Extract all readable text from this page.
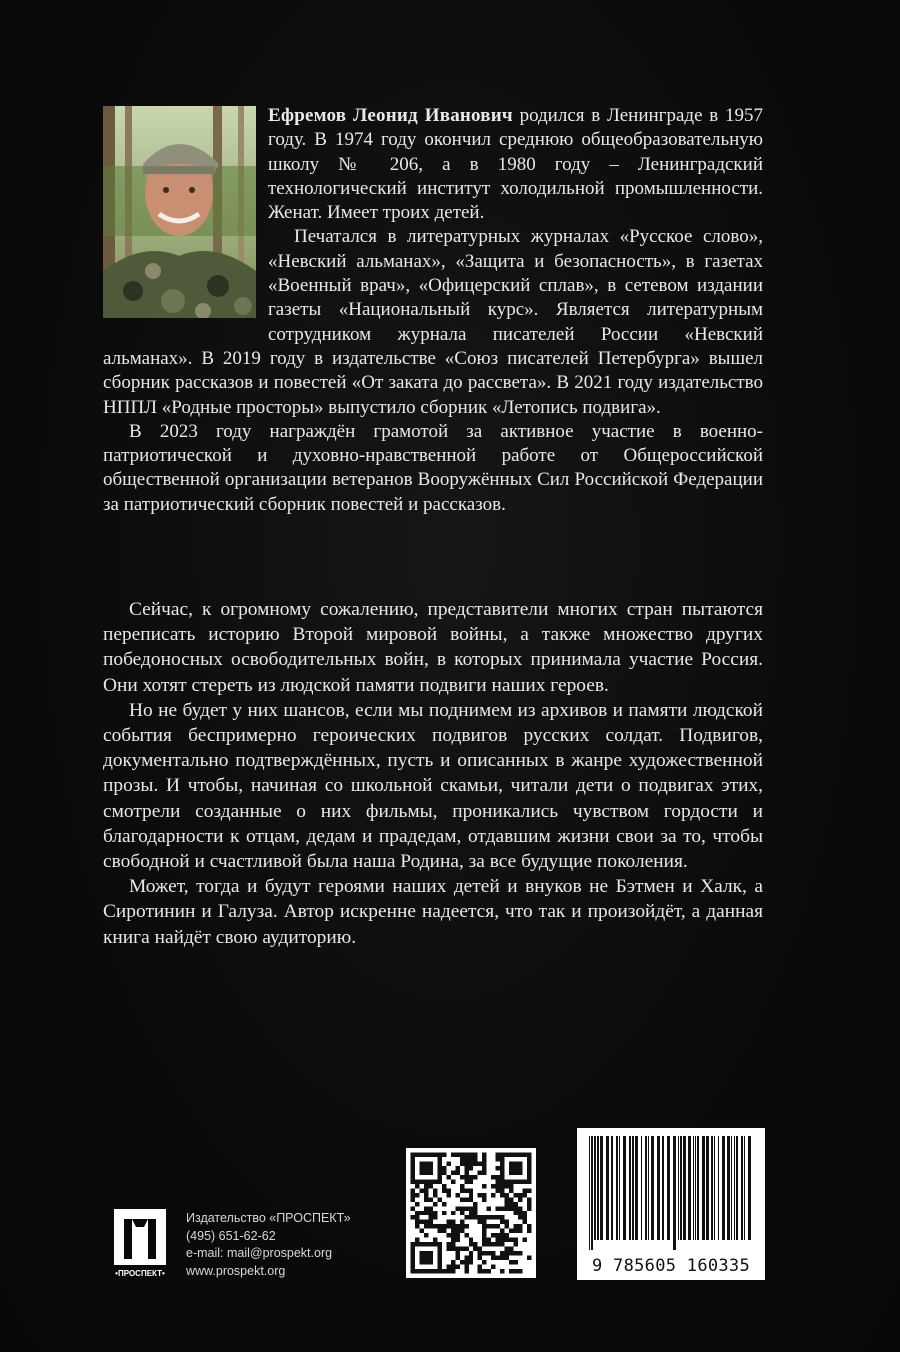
Ефремов Леонид Иванович родился в Ленинграде в 1957 году. В 1974 году окончил среднюю общеобразовательную школу № 206, а в 1980 году – Ленинградский технологический институт холодильной промышленности. Женат. Имеет троих детей.

Печатался в литературных журналах «Русское слово», «Невский альманах», «Защита и безопасность», в газетах «Военный врач», «Офицерский сплав», в сетевом издании газеты «Национальный курс». Является литературным сотрудником журнала писателей России «Невский альманах». В 2019 году в издательстве «Союз писателей Петербурга» вышел сборник рассказов и повестей «От заката до рассвета». В 2021 году издательство НППЛ «Родные просторы» выпустило сборник «Летопись подвига».

В 2023 году награждён грамотой за активное участие в военно-патриотической и духовно-нравственной работе от Общероссийской общественной организации ветеранов Вооружённых Сил Российской Федерации за патриотический сборник повестей и рассказов.

Сейчас, к огромному сожалению, представители многих стран пытаются переписать историю Второй мировой войны, а также множество других победоносных освободительных войн, в которых принимала участие Россия. Они хотят стереть из людской памяти подвиги наших героев.

Но не будет у них шансов, если мы поднимем из архивов и памяти людской события беспримерно героических подвигов русских солдат. Подвигов, документально подтверждённых, пусть и описанных в жанре художественной прозы. И чтобы, начиная со школьной скамьи, читали дети о подвигах этих, смотрели созданные о них фильмы, проникались чувством гордости и благодарности к отцам, дедам и прадедам, отдавшим жизни свои за то, чтобы свободной и счастливой была наша Родина, за все будущие поколения.

Может, тогда и будут героями наших детей и внуков не Бэтмен и Халк, а Сиротинин и Галуза. Автор искренне надеется, что так и произойдёт, а данная книга найдёт свою аудиторию.

•ПРОСПЕКТ•
Издательство «ПРОСПЕКТ»
(495) 651-62-62
e-mail: mail@prospekt.org
www.prospekt.org	9 785605 160335
